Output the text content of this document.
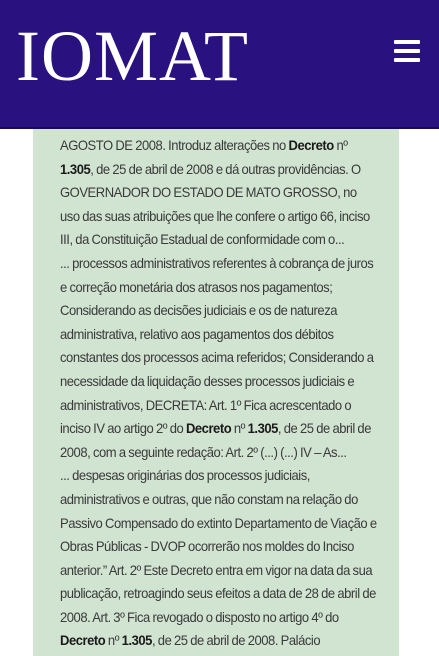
IOMAT

AGOSTO DE 2008. Introduz alterações no Decreto nº 1.305, de 25 de abril de 2008 e dá outras providências. O GOVERNADOR DO ESTADO DE MATO GROSSO, no uso das suas atribuições que lhe confere o artigo 66, inciso III, da Constituição Estadual de conformidade com o...

... processos administrativos referentes à cobrança de juros e correção monetária dos atrasos nos pagamentos; Considerando as decisões judiciais e os de natureza administrativa, relativo aos pagamentos dos débitos constantes dos processos acima referidos; Considerando a necessidade da liquidação desses processos judiciais e administrativos, DECRETA: Art. 1º Fica acrescentado o inciso IV ao artigo 2º do Decreto nº 1.305, de 25 de abril de 2008, com a seguinte redação: Art. 2º (...) (...) IV – As...

... despesas originárias dos processos judiciais, administrativos e outras, que não constam na relação do Passivo Compensado do extinto Departamento de Viação e Obras Públicas - DVOP ocorrerão nos moldes do Inciso anterior.” Art. 2º Este Decreto entra em vigor na data da sua publicação, retroagindo seus efeitos a data de 28 de abril de 2008. Art. 3º Fica revogado o disposto no artigo 4º do Decreto nº 1.305, de 25 de abril de 2008. Palácio
